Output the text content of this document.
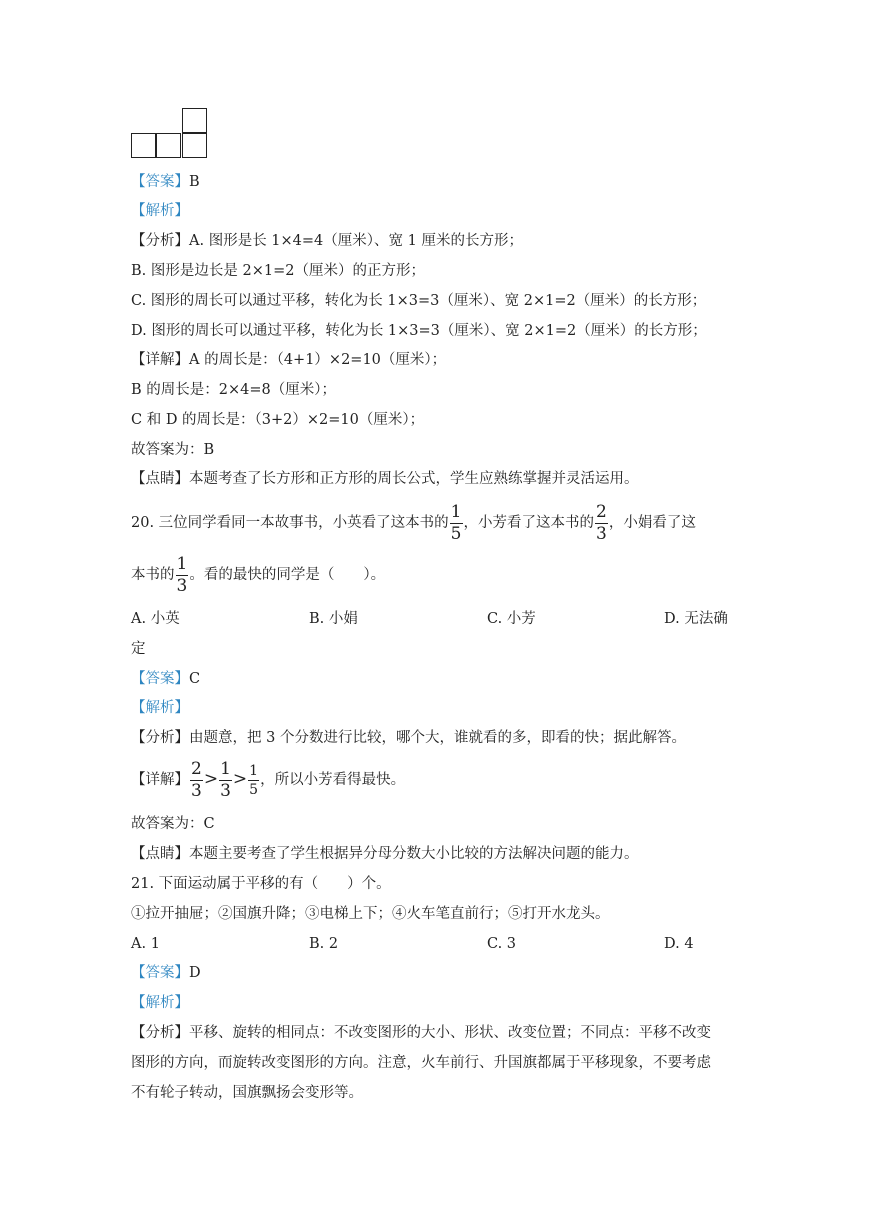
【答案】B
【解析】
【分析】A. 图形是长 1×4=4（厘米）、宽 1 厘米的长方形；
B. 图形是边长是 2×1=2（厘米）的正方形；
C. 图形的周长可以通过平移，转化为长 1×3=3（厘米）、宽 2×1=2（厘米）的长方形；
D. 图形的周长可以通过平移，转化为长 1×3=3（厘米）、宽 2×1=2（厘米）的长方形；
【详解】A 的周长是：（4+1）×2=10（厘米）；
B 的周长是：2×4=8（厘米）；
C 和 D 的周长是：（3+2）×2=10（厘米）；
故答案为：B
【点睛】本题考查了长方形和正方形的周长公式，学生应熟练掌握并灵活运用。
20. 三位同学看同一本故事书，小英看了这本书的 $\frac{1}{5}$ ，小芳看了这本书的 $\frac{2}{3}$ ，小娟看了这
本书的 $\frac{1}{3}$ 。看的最快的同学是（　　）。
A. 小英	B. 小娟	C. 小芳	D. 无法确
定
【答案】C
【解析】
【分析】由题意，把 3 个分数进行比较，哪个大，谁就看的多，即看的快；据此解答。
【详解】 $\frac{2}{3} > \frac{1}{3} > \frac{1}{5}$ ，所以小芳看得最快。
故答案为：C
【点睛】本题主要考查了学生根据异分母分数大小比较的方法解决问题的能力。
21. 下面运动属于平移的有（　　）个。
①拉开抽屉；②国旗升降；③电梯上下；④火车笔直前行；⑤打开水龙头。
A. 1	B. 2	C. 3	D. 4
【答案】D
【解析】
【分析】平移、旋转的相同点：不改变图形的大小、形状、改变位置；不同点：平移不改变
图形的方向，而旋转改变图形的方向。注意，火车前行、升国旗都属于平移现象，不要考虑
不有轮子转动，国旗飘扬会变形等。
